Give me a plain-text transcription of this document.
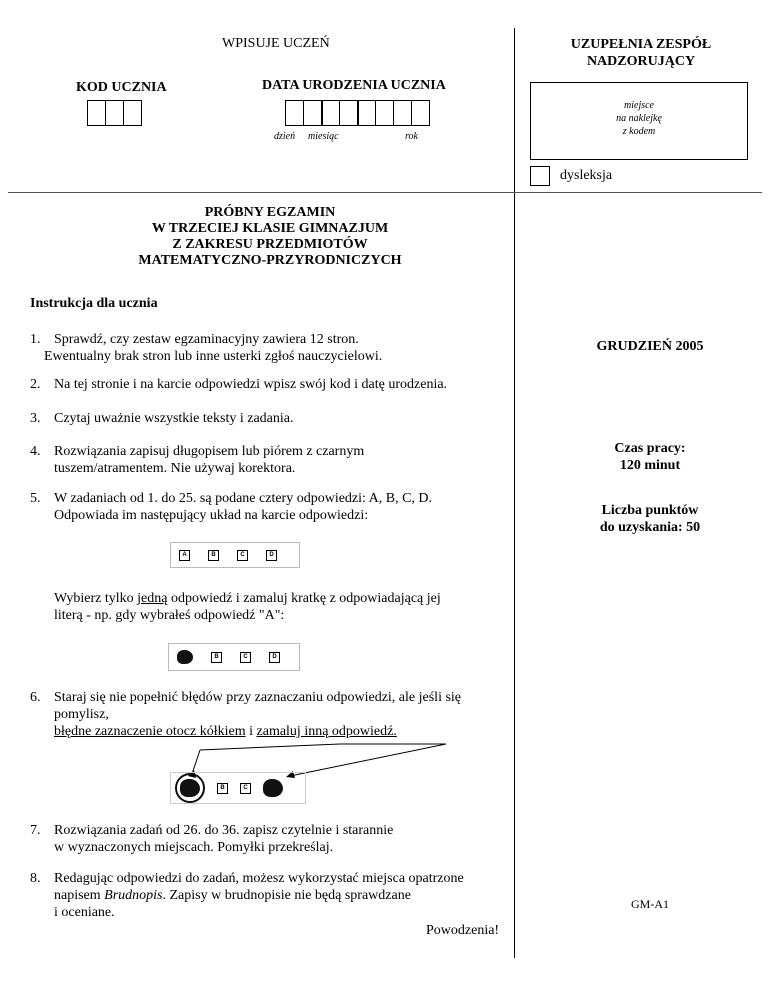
WPISUJE UCZEŃ
KOD UCZNIA	DATA URODZENIA UCZNIA
dzień miesiąc	rok
UZUPEŁNIA ZESPÓŁ
NADZORUJĄCY
miejsce
na naklejkę
z kodem
dysleksja
PRÓBNY EGZAMIN
W TRZECIEJ KLASIE GIMNAZJUM
Z ZAKRESU PRZEDMIOTÓW
MATEMATYCZNO-PRZYRODNICZYCH
Instrukcja dla ucznia
1. Sprawdź, czy zestaw egzaminacyjny zawiera 12 stron.
Ewentualny brak stron lub inne usterki zgłoś nauczycielowi.
2. Na tej stronie i na karcie odpowiedzi wpisz swój kod i datę urodzenia.
3. Czytaj uważnie wszystkie teksty i zadania.
4. Rozwiązania zapisuj długopisem lub piórem z czarnym
tuszem/atramentem. Nie używaj korektora.
5. W zadaniach od 1. do 25. są podane cztery odpowiedzi: A, B, C, D.
Odpowiada im następujący układ na karcie odpowiedzi:
A	B	C	D
Wybierz tylko jedną odpowiedź i zamaluj kratkę z odpowiadającą jej
literą - np. gdy wybrałeś odpowiedź "A":
B	C	D
6. Staraj się nie popełnić błędów przy zaznaczaniu odpowiedzi, ale jeśli się
pomylisz,
błędne zaznaczenie otocz kółkiem i zamaluj inną odpowiedź.
B	C
7. Rozwiązania zadań od 26. do 36. zapisz czytelnie i starannie
w wyznaczonych miejscach. Pomyłki przekreślaj.
8. Redagując odpowiedzi do zadań, możesz wykorzystać miejsca opatrzone
napisem Brudnopis. Zapisy w brudnopisie nie będą sprawdzane
i oceniane.
Powodzenia!
GRUDZIEŃ 2005
Czas pracy:
120 minut
Liczba punktów
do uzyskania: 50
GM-A1
